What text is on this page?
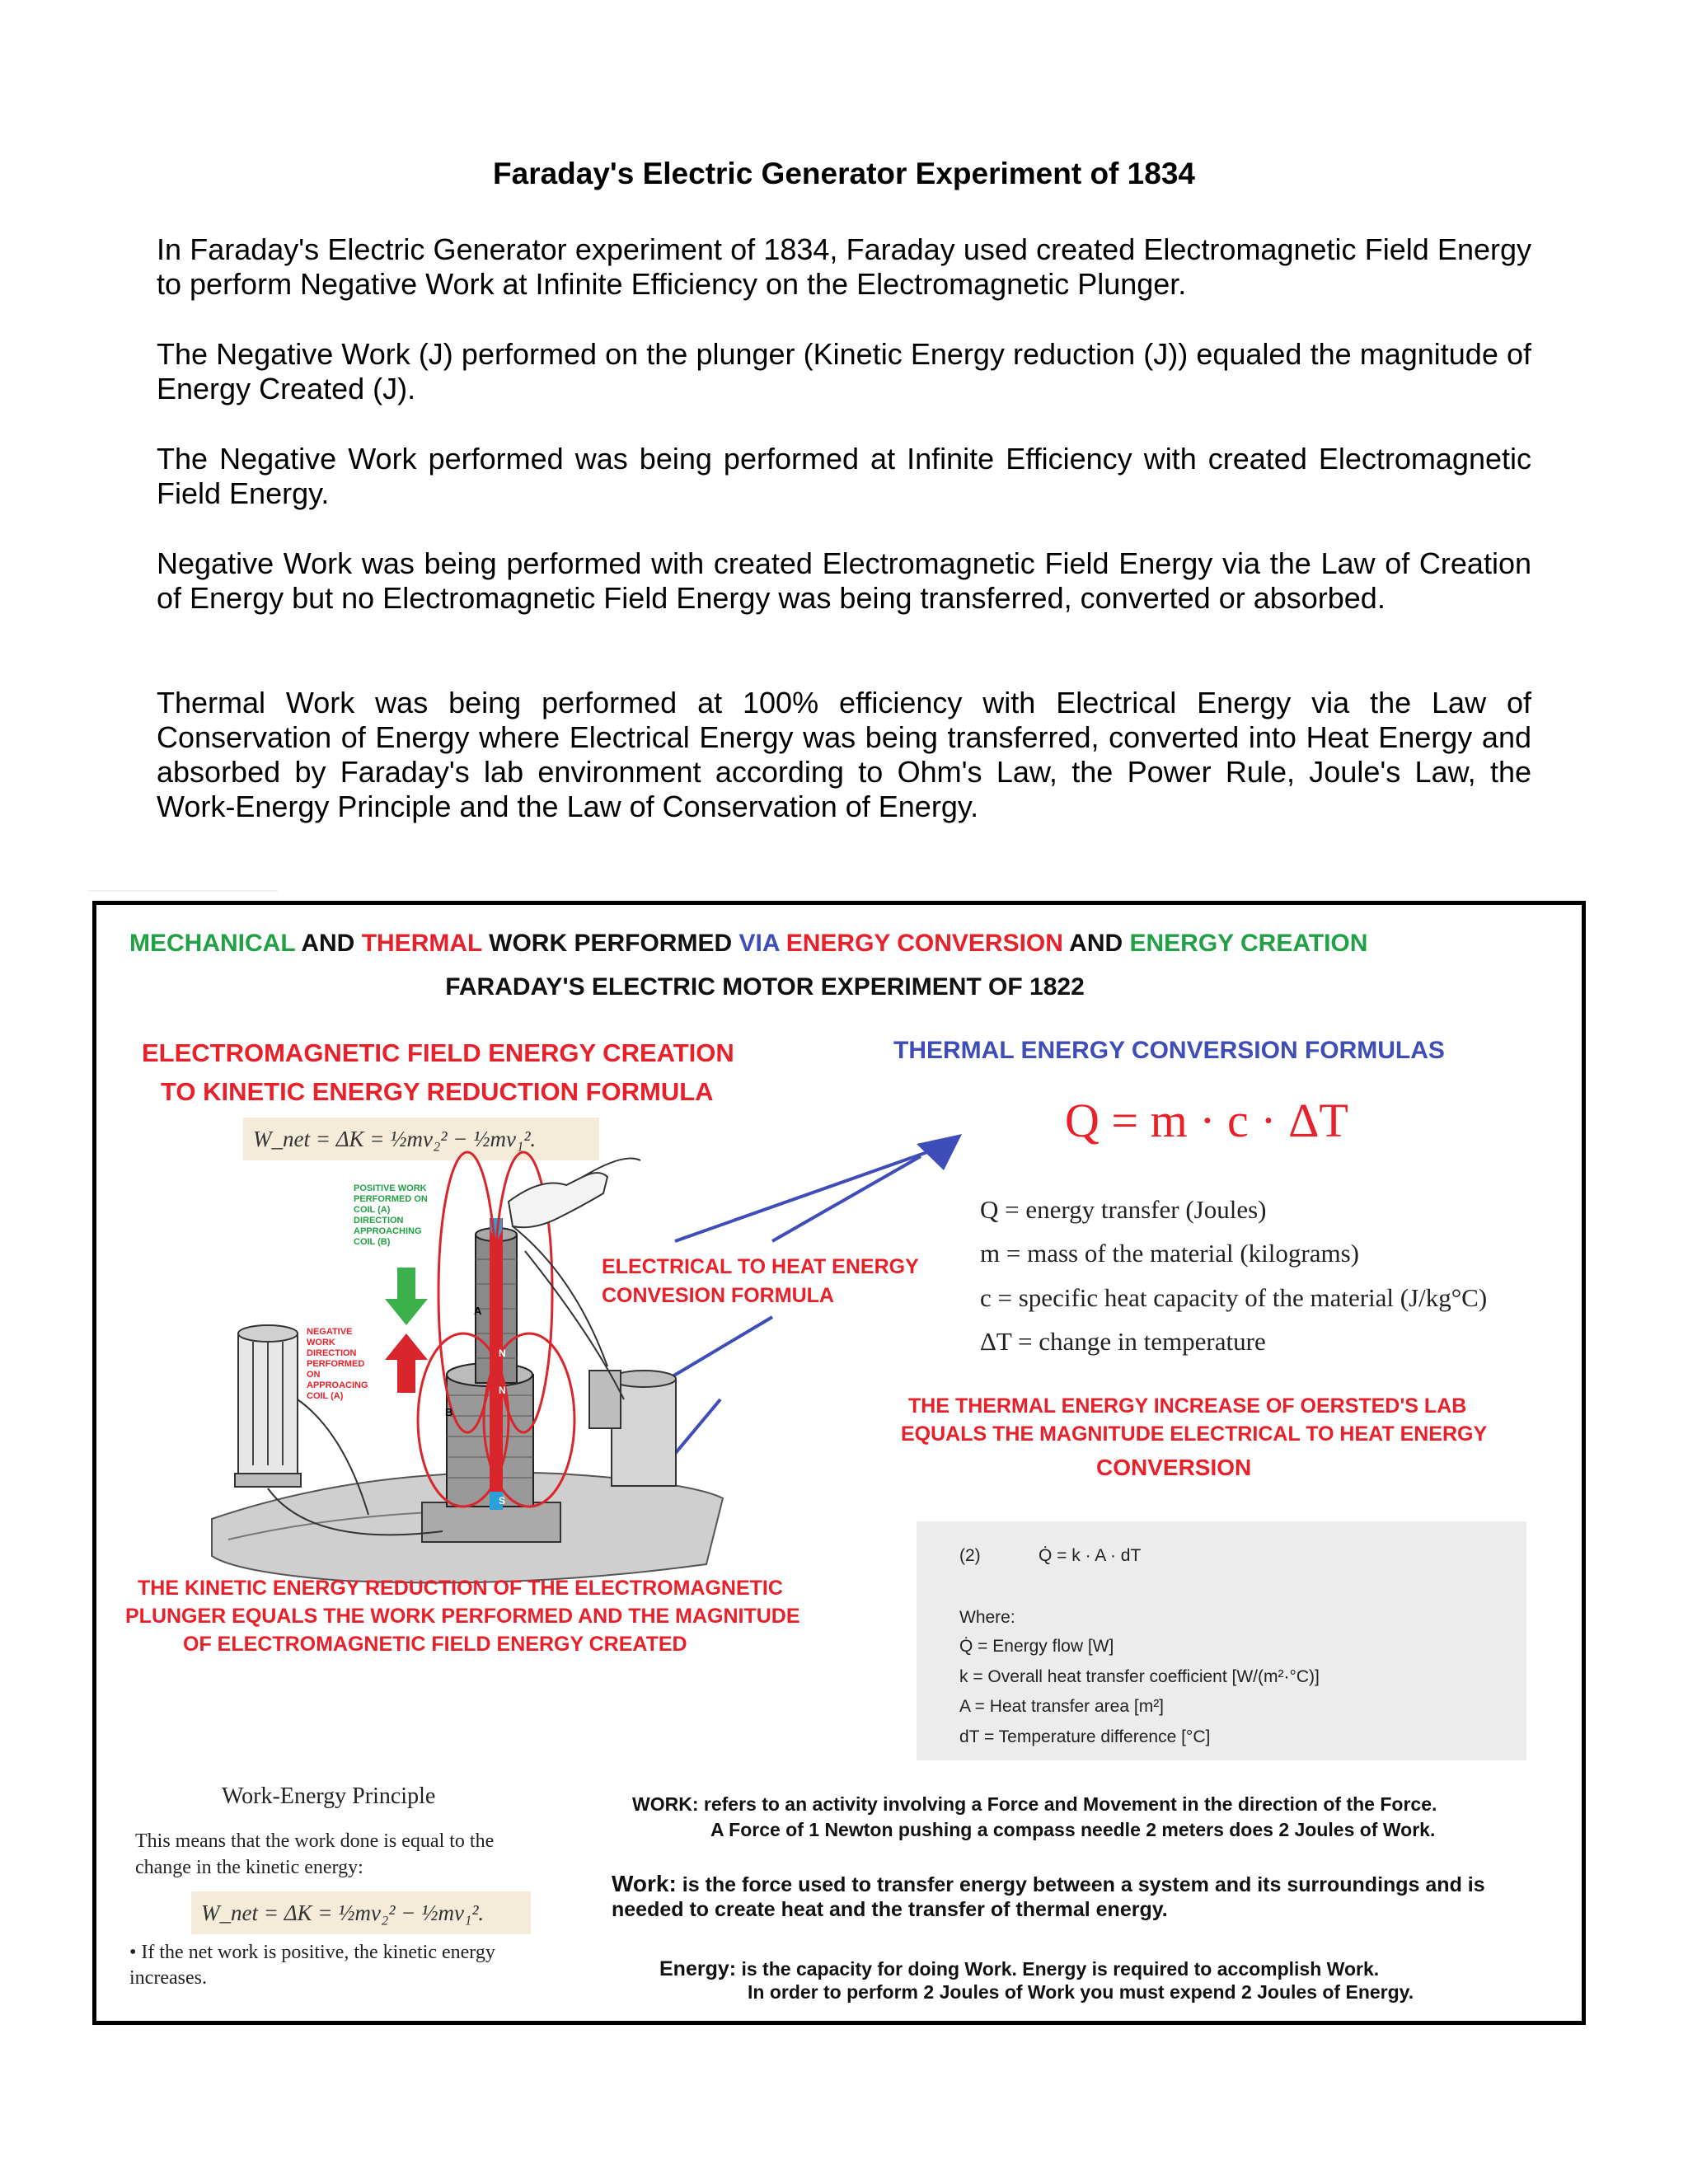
Faraday's Electric Generator Experiment of 1834

In Faraday's Electric Generator experiment of 1834, Faraday used created Electromagnetic Field Energy to perform Negative Work at Infinite Efficiency on the Electromagnetic Plunger.

The Negative Work (J) performed on the plunger (Kinetic Energy reduction (J)) equaled the magnitude of Energy Created (J).

The Negative Work performed was being performed at Infinite Efficiency with created Electromagnetic Field Energy.

Negative Work was being performed with created Electromagnetic Field Energy via the Law of Creation of Energy but no Electromagnetic Field Energy was being transferred, converted or absorbed.

Thermal Work was being performed at 100% efficiency with Electrical Energy via the Law of Conservation of Energy where Electrical Energy was being transferred, converted into Heat Energy and absorbed by Faraday's lab environment according to Ohm's Law, the Power Rule, Joule's Law, the Work-Energy Principle and the Law of Conservation of Energy.

MECHANICAL AND THERMAL WORK PERFORMED VIA ENERGY CONVERSION AND ENERGY CREATION
FARADAY'S ELECTRIC MOTOR EXPERIMENT OF 1822
ELECTROMAGNETIC FIELD ENERGY CREATION
TO KINETIC ENERGY REDUCTION FORMULA
W_net = ΔK = ½mv₂² − ½mv₁².
THERMAL ENERGY CONVERSION FORMULAS
Q = m · c · ΔT
Q = energy transfer (Joules)
m = mass of the material (kilograms)
c = specific heat capacity of the material (J/kg°C)
ΔT = change in temperature
THE THERMAL ENERGY INCREASE OF OERSTED'S LAB
EQUALS THE MAGNITUDE ELECTRICAL TO HEAT ENERGY
CONVERSION
ELECTRICAL TO HEAT ENERGY
CONVESION FORMULA
A
B
N
N
S
POSITIVE WORK
PERFORMED ON
COIL (A)
DIRECTION
APPROACHING
COIL (B)
NEGATIVE
WORK
DIRECTION
PERFORMED
ON
APPROACING
COIL (A)
THE KINETIC ENERGY REDUCTION OF THE ELECTROMAGNETIC
PLUNGER EQUALS THE WORK PERFORMED AND THE MAGNITUDE
OF ELECTROMAGNETIC FIELD ENERGY CREATED
(2)	Q̇ = k · A · dT
Where:
Q̇ = Energy flow [W]
k = Overall heat transfer coefficient [W/(m²·°C)]
A = Heat transfer area [m²]
dT = Temperature difference [°C]
Work-Energy Principle
This means that the work done is equal to the
change in the kinetic energy:
W_net = ΔK = ½mv₂² − ½mv₁².
• If the net work is positive, the kinetic energy
increases.
WORK: refers to an activity involving a Force and Movement in the direction of the Force.
A Force of 1 Newton pushing a compass needle 2 meters does 2 Joules of Work.
Work: is the force used to transfer energy between a system and its surroundings and is
needed to create heat and the transfer of thermal energy.
Energy: is the capacity for doing Work. Energy is required to accomplish Work.
In order to perform 2 Joules of Work you must expend 2 Joules of Energy.
